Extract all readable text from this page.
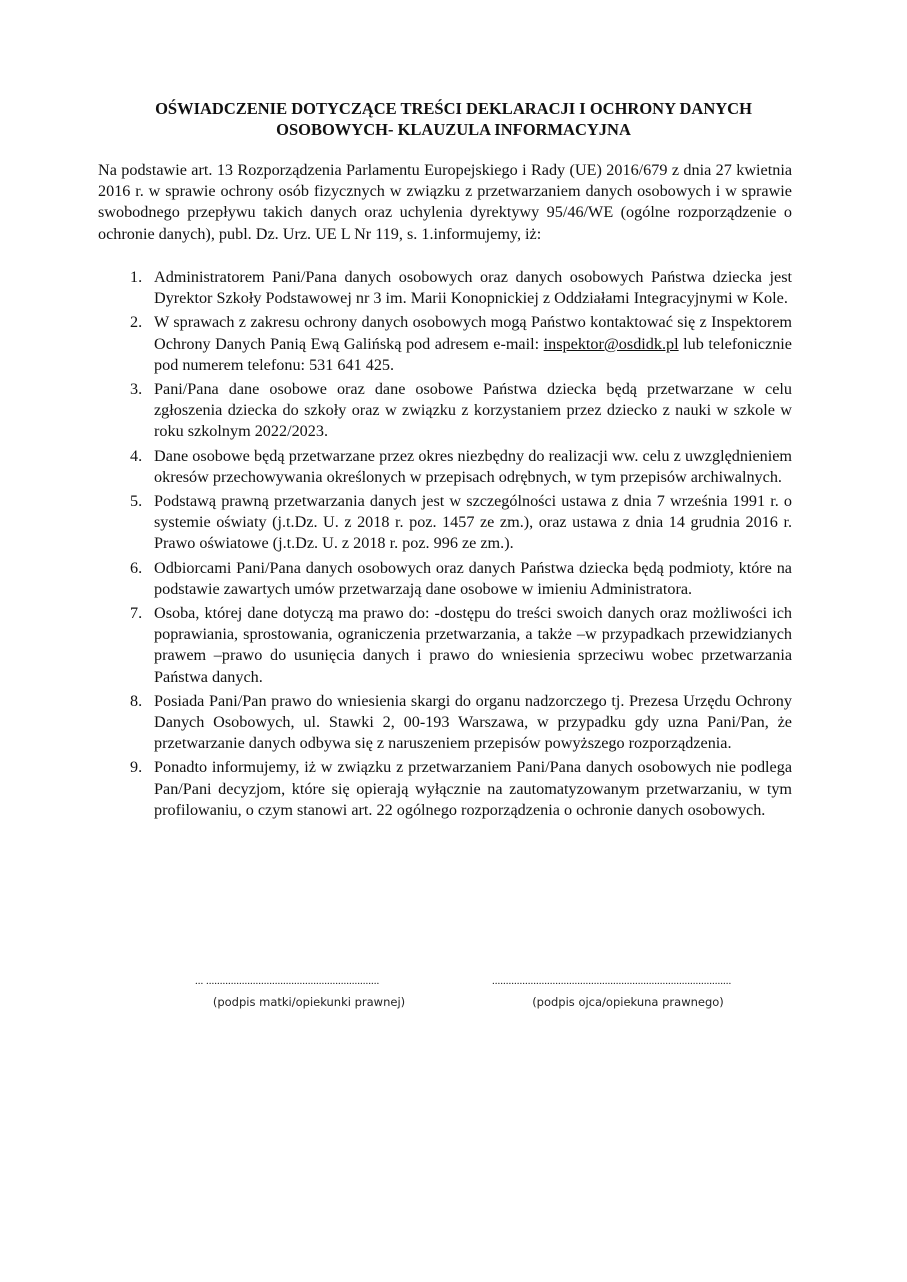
OŚWIADCZENIE DOTYCZĄCE TREŚCI DEKLARACJI I OCHRONY DANYCH
OSOBOWYCH- KLAUZULA INFORMACYJNA

Na podstawie art. 13 Rozporządzenia Parlamentu Europejskiego i Rady (UE) 2016/679 z dnia 27 kwietnia 2016 r. w sprawie ochrony osób fizycznych w związku z przetwarzaniem danych osobowych i w sprawie swobodnego przepływu takich danych oraz uchylenia dyrektywy 95/46/WE (ogólne rozporządzenie o ochronie danych), publ. Dz. Urz. UE L Nr 119, s. 1.informujemy, iż:

1. Administratorem Pani/Pana danych osobowych oraz danych osobowych Państwa dziecka jest Dyrektor Szkoły Podstawowej nr 3 im. Marii Konopnickiej z Oddziałami Integracyjnymi w Kole.
2. W sprawach z zakresu ochrony danych osobowych mogą Państwo kontaktować się z Inspektorem Ochrony Danych Panią Ewą Galińską pod adresem e-mail: inspektor@osdidk.pl lub telefonicznie pod numerem telefonu: 531 641 425.
3. Pani/Pana dane osobowe oraz dane osobowe Państwa dziecka będą przetwarzane w celu zgłoszenia dziecka do szkoły oraz w związku z korzystaniem przez dziecko z nauki w szkole w roku szkolnym 2022/2023.
4. Dane osobowe będą przetwarzane przez okres niezbędny do realizacji ww. celu z uwzględnieniem okresów przechowywania określonych w przepisach odrębnych, w tym przepisów archiwalnych.
5. Podstawą prawną przetwarzania danych jest w szczególności ustawa z dnia 7 września 1991 r. o systemie oświaty (j.t.Dz. U. z 2018 r. poz. 1457 ze zm.), oraz ustawa z dnia 14 grudnia 2016 r. Prawo oświatowe (j.t.Dz. U. z 2018 r. poz. 996 ze zm.).
6. Odbiorcami Pani/Pana danych osobowych oraz danych Państwa dziecka będą podmioty, które na podstawie zawartych umów przetwarzają dane osobowe w imieniu Administratora.
7. Osoba, której dane dotyczą ma prawo do: -dostępu do treści swoich danych oraz możliwości ich poprawiania, sprostowania, ograniczenia przetwarzania, a także –w przypadkach przewidzianych prawem –prawo do usunięcia danych i prawo do wniesienia sprzeciwu wobec przetwarzania Państwa danych.
8. Posiada Pani/Pan prawo do wniesienia skargi do organu nadzorczego tj. Prezesa Urzędu Ochrony Danych Osobowych, ul. Stawki 2, 00-193 Warszawa, w przypadku gdy uzna Pani/Pan, że przetwarzanie danych odbywa się z naruszeniem przepisów powyższego rozporządzenia.
9. Ponadto informujemy, iż w związku z przetwarzaniem Pani/Pana danych osobowych nie podlega Pan/Pani decyzjom, które się opierają wyłącznie na zautomatyzowanym przetwarzaniu, w tym profilowaniu, o czym stanowi art. 22 ogólnego rozporządzenia o ochronie danych osobowych.
... ...............................................................
(podpis matki/opiekunki prawnej)
.......................................................................................
(podpis ojca/opiekuna prawnego)
